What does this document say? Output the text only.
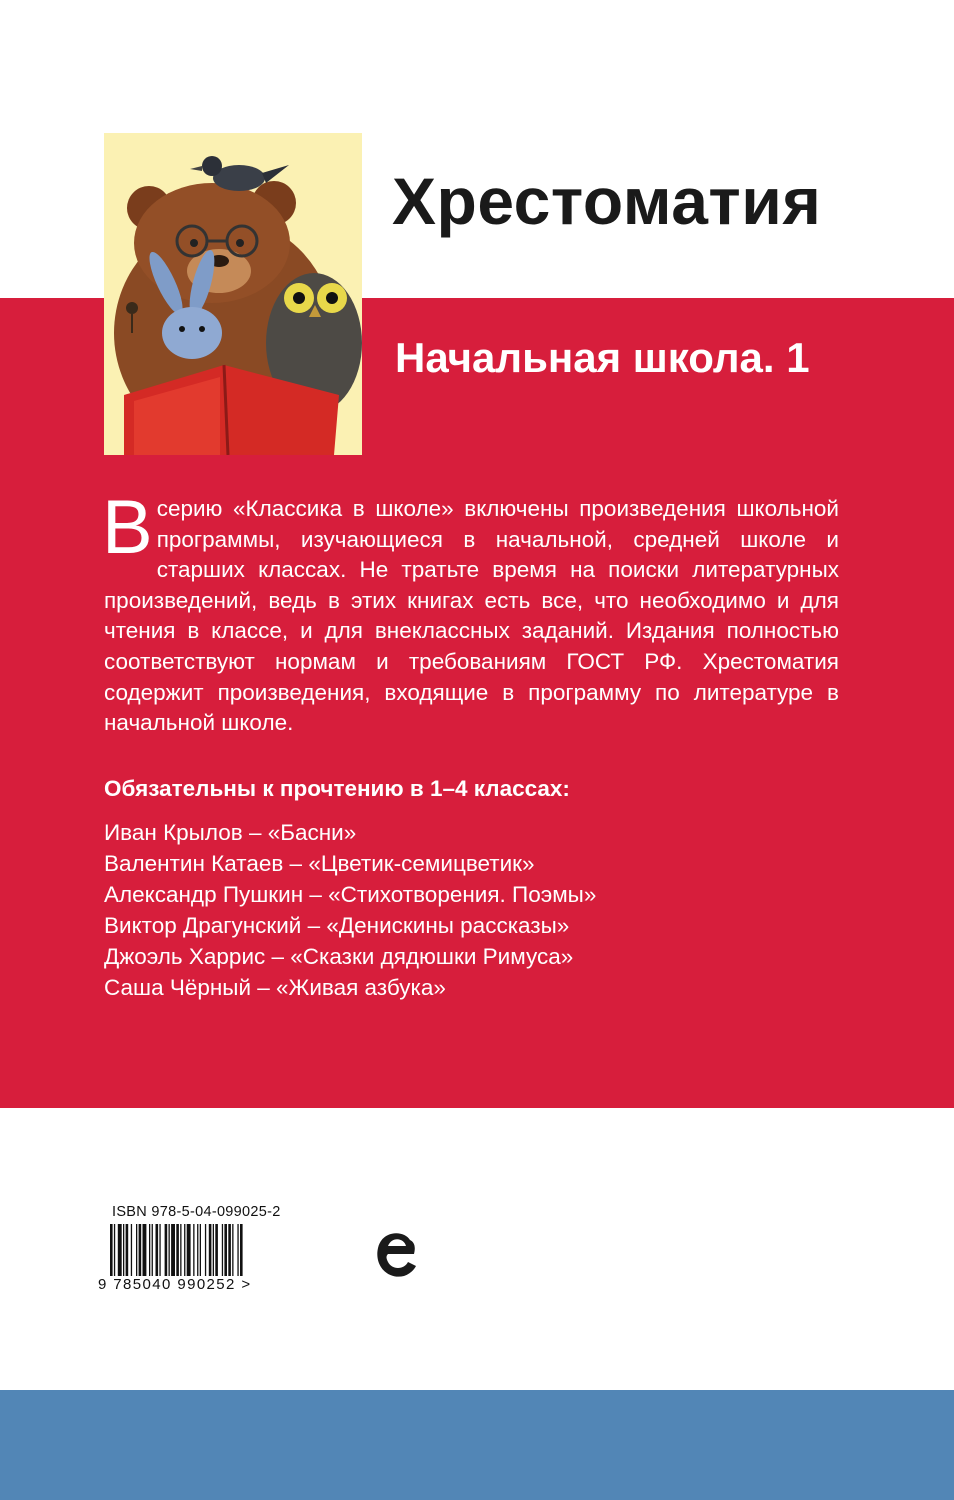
Хрестоматия
Начальная школа. 1

В серию «Классика в школе» включены произведения школьной программы, изучающиеся в начальной, средней школе и старших классах. Не тратьте время на поиски литературных произведений, ведь в этих книгах есть все, что необходимо и для чтения в классе, и для внеклассных заданий. Издания полностью соответствуют нормам и требованиям ГОСТ РФ. Хрестоматия содержит произведения, входящие в программу по литературе в начальной школе.

Обязательны к прочтению в 1–4 классах:

Иван Крылов – «Басни»
Валентин Катаев – «Цветик-семицветик»
Александр Пушкин – «Стихотворения. Поэмы»
Виктор Драгунский – «Денискины рассказы»
Джоэль Харрис – «Сказки дядюшки Римуса»
Саша Чёрный – «Живая азбука»
ISBN 978-5-04-099025-2
9 785040 990252 >
